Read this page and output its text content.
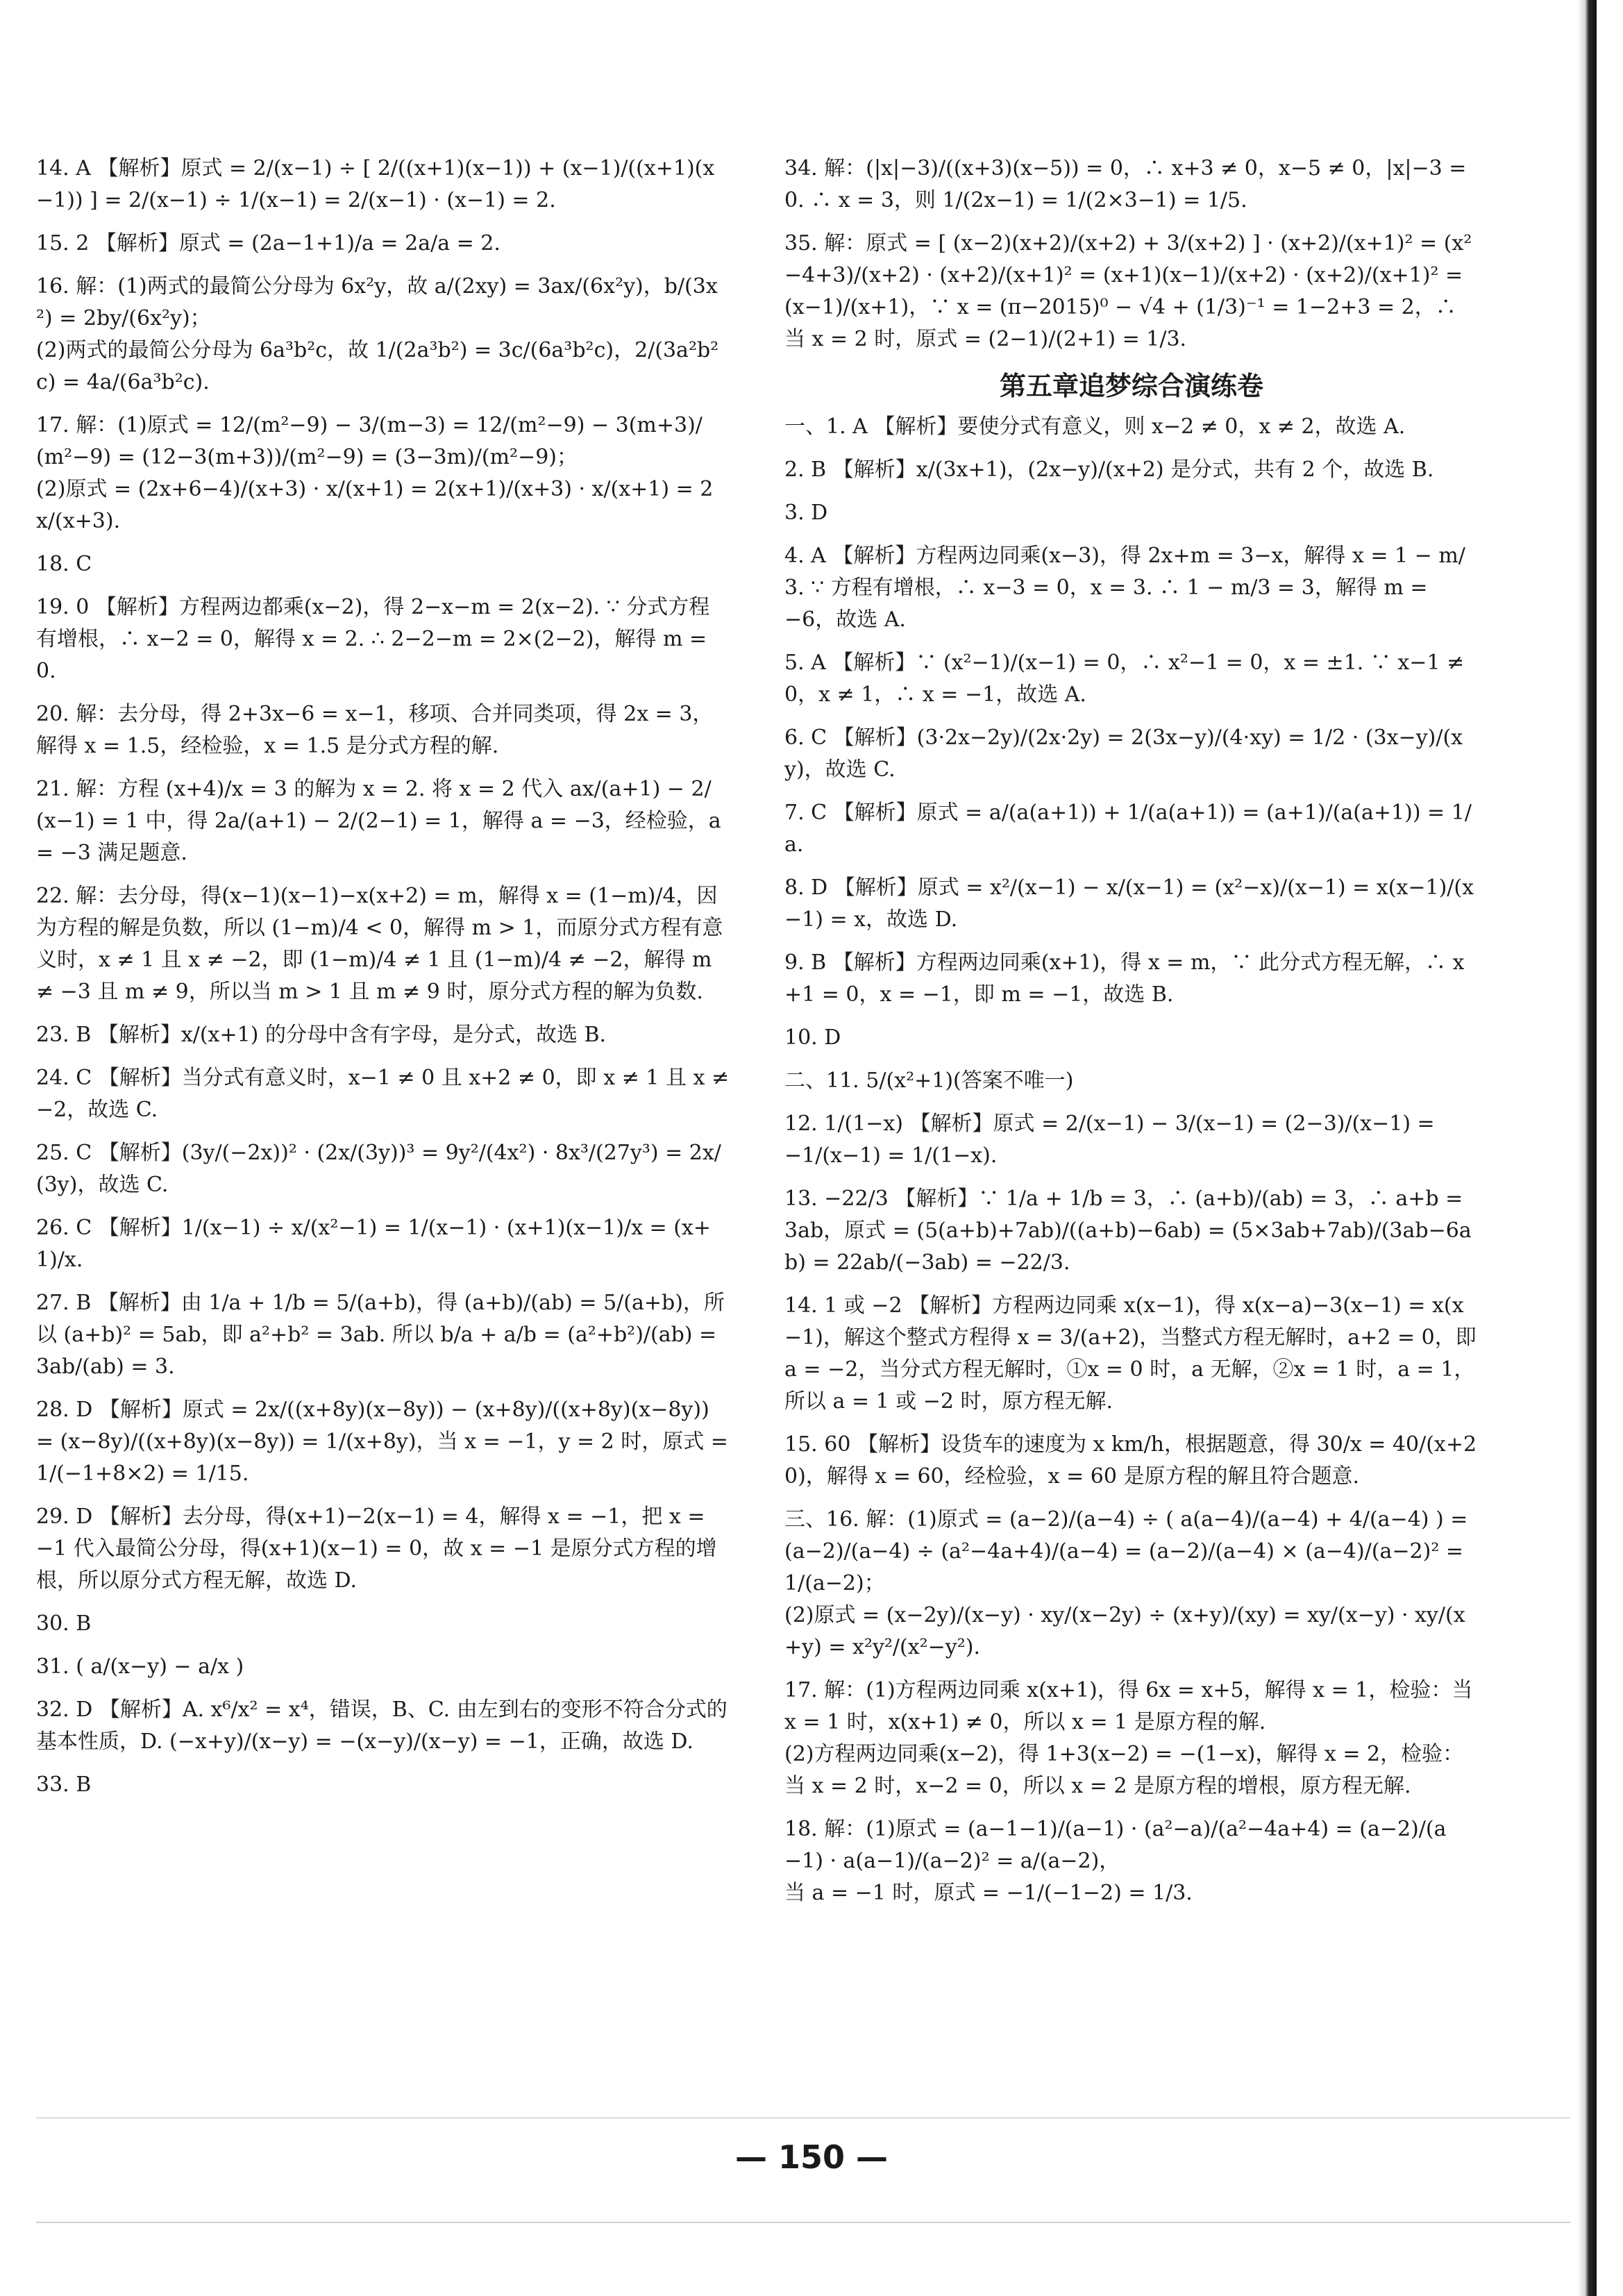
14. A 【解析】原式 = 2/(x−1) ÷ [ 2/((x+1)(x−1)) + (x−1)/((x+1)(x−1)) ] = 2/(x−1) ÷ 1/(x−1) = 2/(x−1) · (x−1) = 2.
15. 2 【解析】原式 = (2a−1+1)/a = 2a/a = 2.
16. 解：(1)两式的最简公分母为 6x²y，故 a/(2xy) = 3ax/(6x²y)，b/(3x²) = 2by/(6x²y)；
(2)两式的最简公分母为 6a³b²c，故 1/(2a³b²) = 3c/(6a³b²c)，2/(3a²b²c) = 4a/(6a³b²c).
17. 解：(1)原式 = 12/(m²−9) − 3/(m−3) = 12/(m²−9) − 3(m+3)/(m²−9) = (12−3(m+3))/(m²−9) = (3−3m)/(m²−9)；
(2)原式 = (2x+6−4)/(x+3) · x/(x+1) = 2(x+1)/(x+3) · x/(x+1) = 2x/(x+3).
18. C
19. 0 【解析】方程两边都乘(x−2)，得 2−x−m = 2(x−2). ∵ 分式方程有增根，∴ x−2 = 0，解得 x = 2. ∴ 2−2−m = 2×(2−2)，解得 m = 0.
20. 解：去分母，得 2+3x−6 = x−1，移项、合并同类项，得 2x = 3，解得 x = 1.5，经检验，x = 1.5 是分式方程的解.
21. 解：方程 (x+4)/x = 3 的解为 x = 2. 将 x = 2 代入 ax/(a+1) − 2/(x−1) = 1 中，得 2a/(a+1) − 2/(2−1) = 1，解得 a = −3，经检验，a = −3 满足题意.
22. 解：去分母，得(x−1)(x−1)−x(x+2) = m，解得 x = (1−m)/4，因为方程的解是负数，所以 (1−m)/4 < 0，解得 m > 1，而原分式方程有意义时，x ≠ 1 且 x ≠ −2，即 (1−m)/4 ≠ 1 且 (1−m)/4 ≠ −2，解得 m ≠ −3 且 m ≠ 9，所以当 m > 1 且 m ≠ 9 时，原分式方程的解为负数.
23. B 【解析】x/(x+1) 的分母中含有字母，是分式，故选 B.
24. C 【解析】当分式有意义时，x−1 ≠ 0 且 x+2 ≠ 0，即 x ≠ 1 且 x ≠ −2，故选 C.
25. C 【解析】(3y/(−2x))² · (2x/(3y))³ = 9y²/(4x²) · 8x³/(27y³) = 2x/(3y)，故选 C.
26. C 【解析】1/(x−1) ÷ x/(x²−1) = 1/(x−1) · (x+1)(x−1)/x = (x+1)/x.
27. B 【解析】由 1/a + 1/b = 5/(a+b)，得 (a+b)/(ab) = 5/(a+b)，所以 (a+b)² = 5ab，即 a²+b² = 3ab. 所以 b/a + a/b = (a²+b²)/(ab) = 3ab/(ab) = 3.
28. D 【解析】原式 = 2x/((x+8y)(x−8y)) − (x+8y)/((x+8y)(x−8y)) = (x−8y)/((x+8y)(x−8y)) = 1/(x+8y)，当 x = −1，y = 2 时，原式 = 1/(−1+8×2) = 1/15.
29. D 【解析】去分母，得(x+1)−2(x−1) = 4，解得 x = −1，把 x = −1 代入最简公分母，得(x+1)(x−1) = 0，故 x = −1 是原分式方程的增根，所以原分式方程无解，故选 D.
30. B
31. ( a/(x−y) − a/x )
32. D 【解析】A. x⁶/x² = x⁴，错误，B、C. 由左到右的变形不符合分式的基本性质，D. (−x+y)/(x−y) = −(x−y)/(x−y) = −1，正确，故选 D.
33. B
34. 解：(|x|−3)/((x+3)(x−5)) = 0，∴ x+3 ≠ 0，x−5 ≠ 0，|x|−3 = 0. ∴ x = 3，则 1/(2x−1) = 1/(2×3−1) = 1/5.
35. 解：原式 = [ (x−2)(x+2)/(x+2) + 3/(x+2) ] · (x+2)/(x+1)² = (x²−4+3)/(x+2) · (x+2)/(x+1)² = (x+1)(x−1)/(x+2) · (x+2)/(x+1)² = (x−1)/(x+1)，∵ x = (π−2015)⁰ − √4 + (1/3)⁻¹ = 1−2+3 = 2，∴ 当 x = 2 时，原式 = (2−1)/(2+1) = 1/3.
第五章追梦综合演练卷
一、1. A 【解析】要使分式有意义，则 x−2 ≠ 0，x ≠ 2，故选 A.
2. B 【解析】x/(3x+1)，(2x−y)/(x+2) 是分式，共有 2 个，故选 B.
3. D
4. A 【解析】方程两边同乘(x−3)，得 2x+m = 3−x，解得 x = 1 − m/3. ∵ 方程有增根，∴ x−3 = 0，x = 3. ∴ 1 − m/3 = 3，解得 m = −6，故选 A.
5. A 【解析】∵ (x²−1)/(x−1) = 0，∴ x²−1 = 0，x = ±1. ∵ x−1 ≠ 0，x ≠ 1，∴ x = −1，故选 A.
6. C 【解析】(3·2x−2y)/(2x·2y) = 2(3x−y)/(4·xy) = 1/2 · (3x−y)/(xy)，故选 C.
7. C 【解析】原式 = a/(a(a+1)) + 1/(a(a+1)) = (a+1)/(a(a+1)) = 1/a.
8. D 【解析】原式 = x²/(x−1) − x/(x−1) = (x²−x)/(x−1) = x(x−1)/(x−1) = x，故选 D.
9. B 【解析】方程两边同乘(x+1)，得 x = m，∵ 此分式方程无解，∴ x+1 = 0，x = −1，即 m = −1，故选 B.
10. D
二、11. 5/(x²+1)(答案不唯一)
12. 1/(1−x) 【解析】原式 = 2/(x−1) − 3/(x−1) = (2−3)/(x−1) = −1/(x−1) = 1/(1−x).
13. −22/3 【解析】∵ 1/a + 1/b = 3，∴ (a+b)/(ab) = 3，∴ a+b = 3ab，原式 = (5(a+b)+7ab)/((a+b)−6ab) = (5×3ab+7ab)/(3ab−6ab) = 22ab/(−3ab) = −22/3.
14. 1 或 −2 【解析】方程两边同乘 x(x−1)，得 x(x−a)−3(x−1) = x(x−1)，解这个整式方程得 x = 3/(a+2)，当整式方程无解时，a+2 = 0，即 a = −2，当分式方程无解时，①x = 0 时，a 无解，②x = 1 时，a = 1，所以 a = 1 或 −2 时，原方程无解.
15. 60 【解析】设货车的速度为 x km/h，根据题意，得 30/x = 40/(x+20)，解得 x = 60，经检验，x = 60 是原方程的解且符合题意.
三、16. 解：(1)原式 = (a−2)/(a−4) ÷ ( a(a−4)/(a−4) + 4/(a−4) ) = (a−2)/(a−4) ÷ (a²−4a+4)/(a−4) = (a−2)/(a−4) × (a−4)/(a−2)² = 1/(a−2)；
(2)原式 = (x−2y)/(x−y) · xy/(x−2y) ÷ (x+y)/(xy) = xy/(x−y) · xy/(x+y) = x²y²/(x²−y²).
17. 解：(1)方程两边同乘 x(x+1)，得 6x = x+5，解得 x = 1，检验：当 x = 1 时，x(x+1) ≠ 0，所以 x = 1 是原方程的解.
(2)方程两边同乘(x−2)，得 1+3(x−2) = −(1−x)，解得 x = 2，检验：当 x = 2 时，x−2 = 0，所以 x = 2 是原方程的增根，原方程无解.
18. 解：(1)原式 = (a−1−1)/(a−1) · (a²−a)/(a²−4a+4) = (a−2)/(a−1) · a(a−1)/(a−2)² = a/(a−2)，
当 a = −1 时，原式 = −1/(−1−2) = 1/3.
— 150 —
